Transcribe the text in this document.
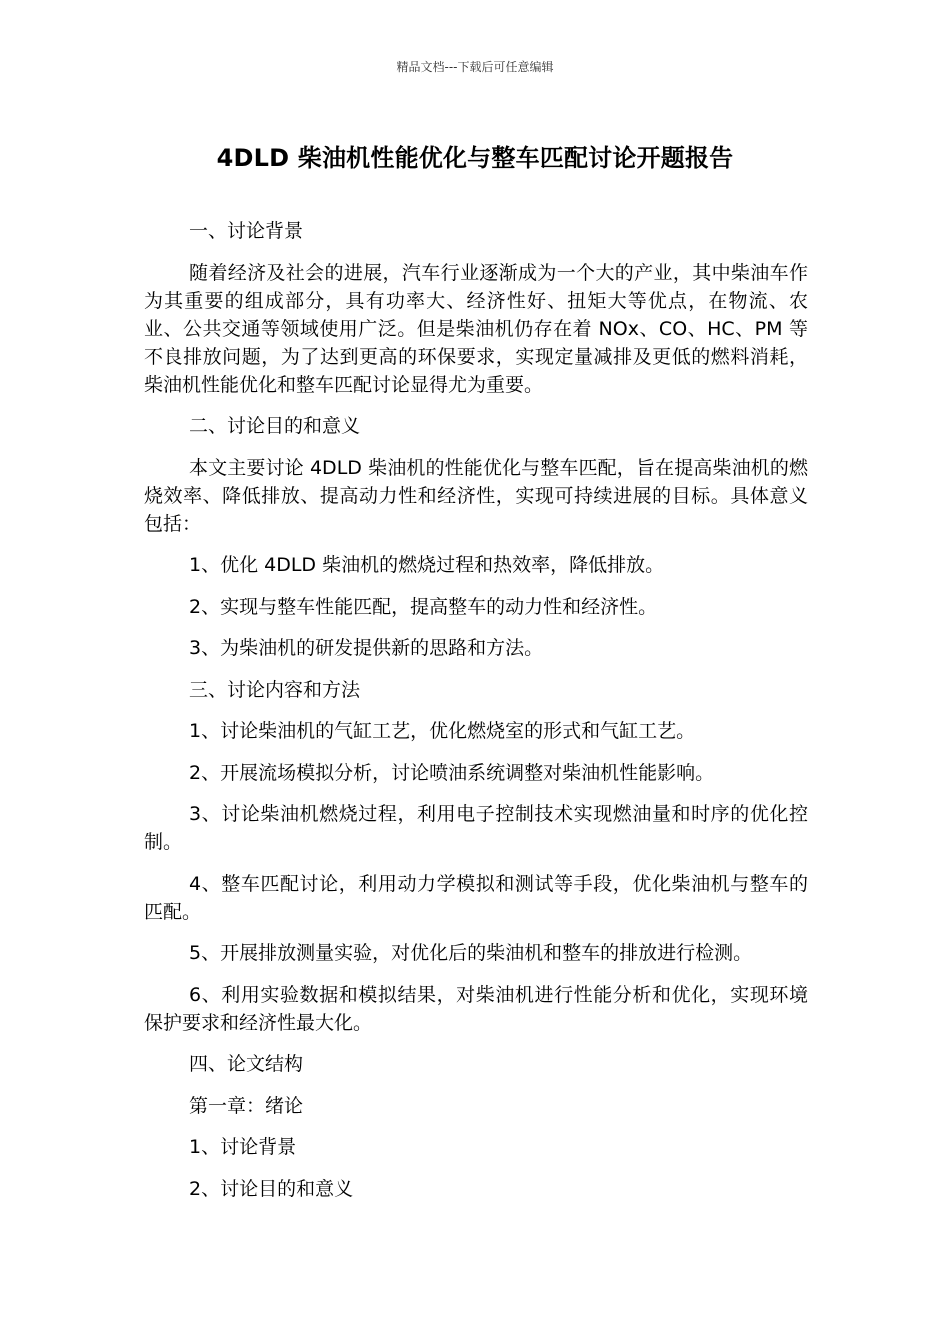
精品文档---下载后可任意编辑
4DLD 柴油机性能优化与整车匹配讨论开题报告

一、讨论背景

随着经济及社会的进展，汽车行业逐渐成为一个大的产业，其中柴油车作为其重要的组成部分，具有功率大、经济性好、扭矩大等优点，在物流、农业、公共交通等领域使用广泛。但是柴油机仍存在着 NOx、CO、HC、PM 等不良排放问题，为了达到更高的环保要求，实现定量减排及更低的燃料消耗，柴油机性能优化和整车匹配讨论显得尤为重要。

二、讨论目的和意义

本文主要讨论 4DLD 柴油机的性能优化与整车匹配，旨在提高柴油机的燃烧效率、降低排放、提高动力性和经济性，实现可持续进展的目标。具体意义包括：

1、优化 4DLD 柴油机的燃烧过程和热效率，降低排放。

2、实现与整车性能匹配，提高整车的动力性和经济性。

3、为柴油机的研发提供新的思路和方法。

三、讨论内容和方法

1、讨论柴油机的气缸工艺，优化燃烧室的形式和气缸工艺。

2、开展流场模拟分析，讨论喷油系统调整对柴油机性能影响。

3、讨论柴油机燃烧过程，利用电子控制技术实现燃油量和时序的优化控制。

4、整车匹配讨论，利用动力学模拟和测试等手段，优化柴油机与整车的匹配。

5、开展排放测量实验，对优化后的柴油机和整车的排放进行检测。

6、利用实验数据和模拟结果，对柴油机进行性能分析和优化，实现环境保护要求和经济性最大化。

四、论文结构

第一章：绪论

1、讨论背景

2、讨论目的和意义
